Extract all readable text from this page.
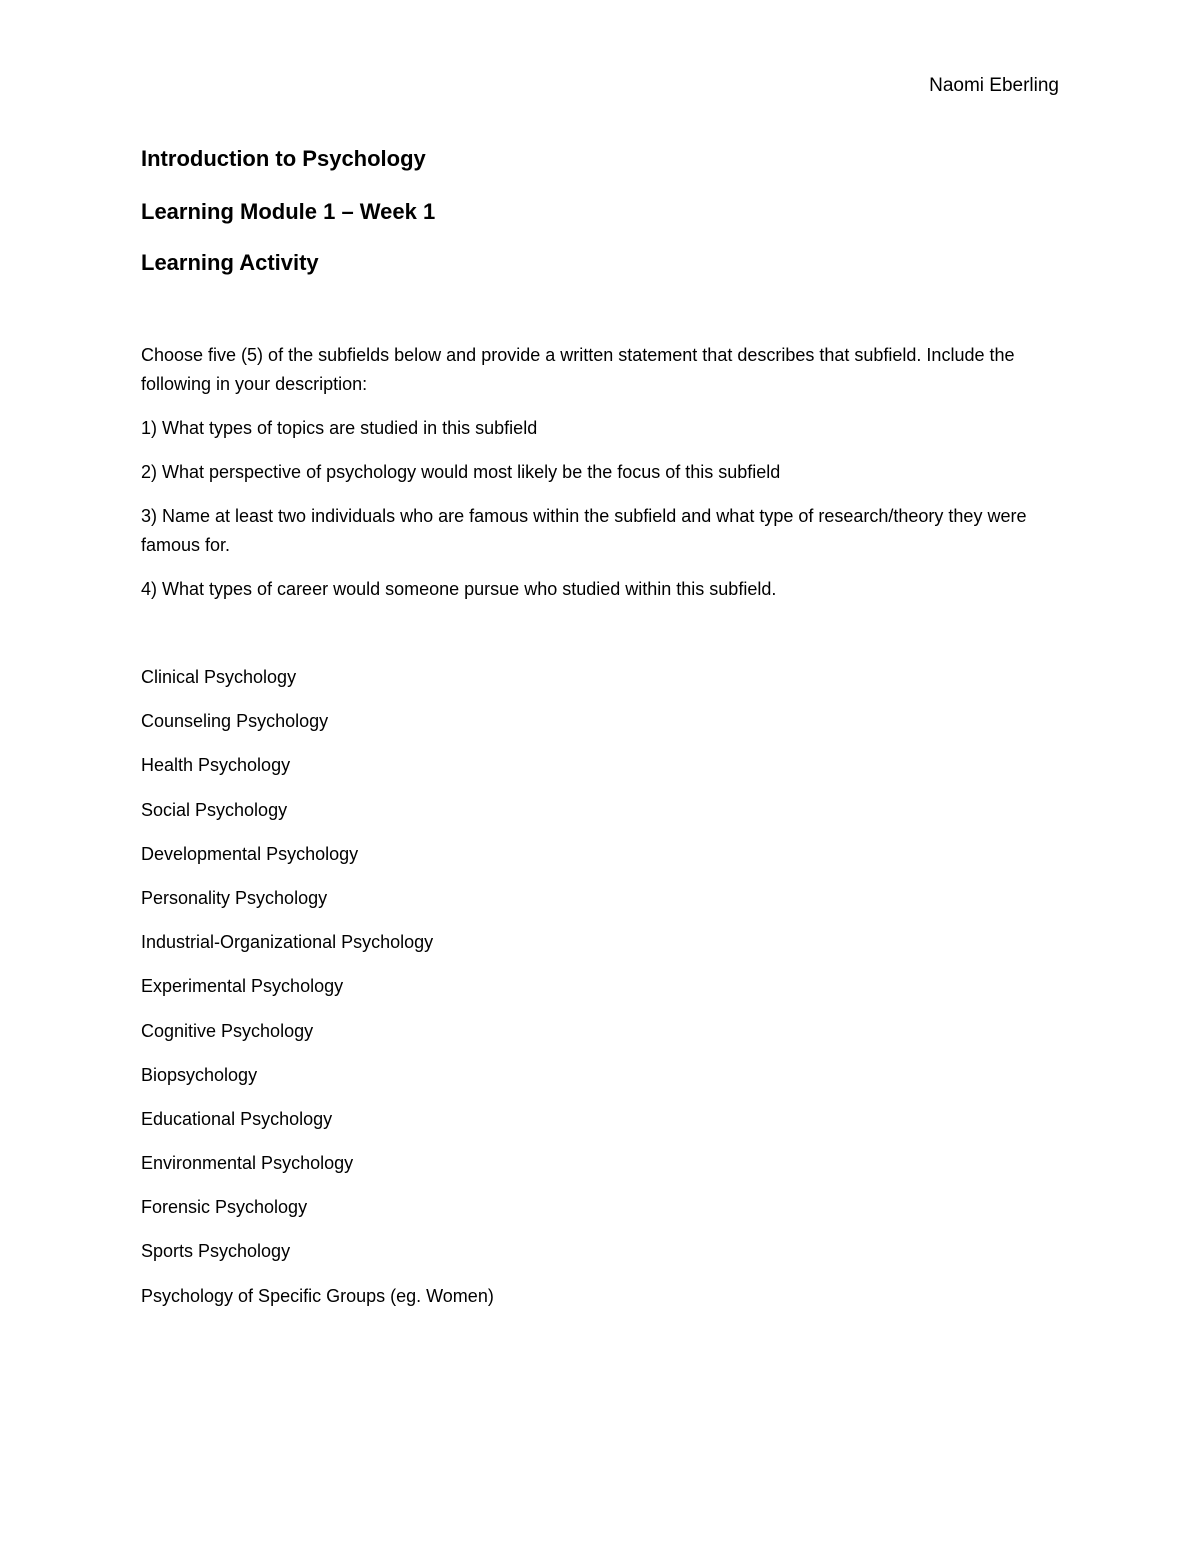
Naomi Eberling
Introduction to Psychology
Learning Module 1 – Week 1
Learning Activity
Choose five (5) of the subfields below and provide a written statement that describes that subfield. Include the following in your description:
1) What types of topics are studied in this subfield
2) What perspective of psychology would most likely be the focus of this subfield
3) Name at least two individuals who are famous within the subfield and what type of research/theory they were famous for.
4) What types of career would someone pursue who studied within this subfield.
Clinical Psychology
Counseling Psychology
Health Psychology
Social Psychology
Developmental Psychology
Personality Psychology
Industrial-Organizational Psychology
Experimental Psychology
Cognitive Psychology
Biopsychology
Educational Psychology
Environmental Psychology
Forensic Psychology
Sports Psychology
Psychology of Specific Groups (eg. Women)
